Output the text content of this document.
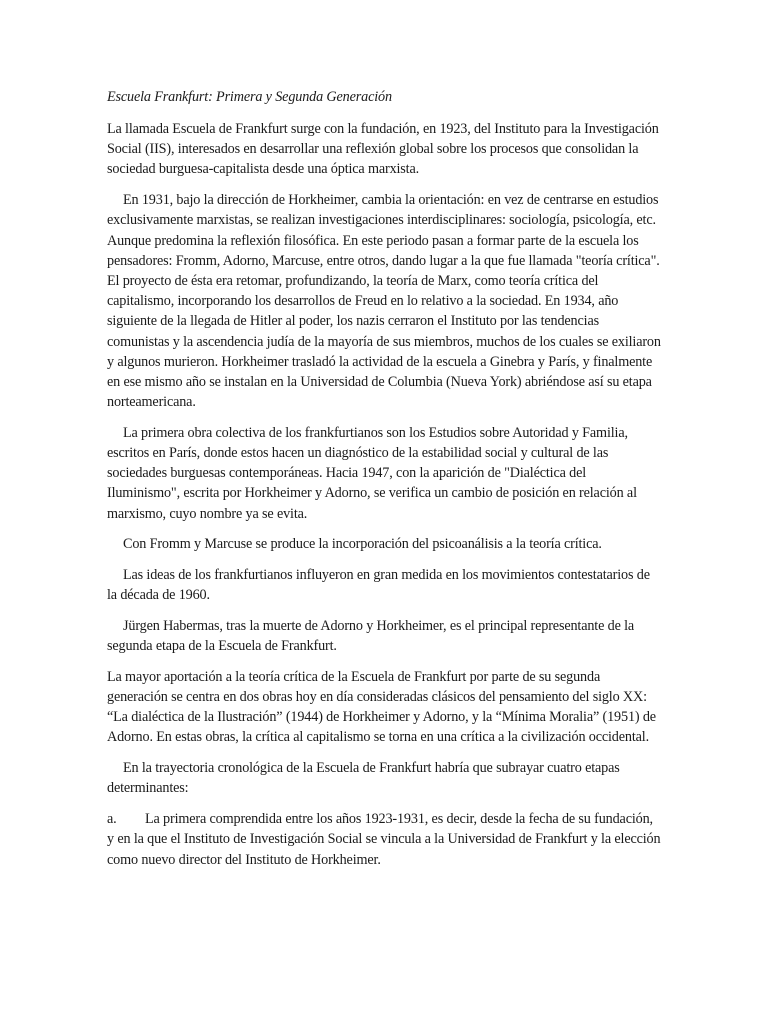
Escuela Frankfurt: Primera y Segunda Generación

La llamada Escuela de Frankfurt surge con la fundación, en 1923, del Instituto para la Investigación Social (IIS), interesados en desarrollar una reflexión global sobre los procesos que consolidan la sociedad burguesa-capitalista desde una óptica marxista.

En 1931, bajo la dirección de Horkheimer, cambia la orientación: en vez de centrarse en estudios exclusivamente marxistas, se realizan investigaciones interdisciplinares: sociología, psicología, etc. Aunque predomina la reflexión filosófica. En este periodo pasan a formar parte de la escuela los pensadores: Fromm, Adorno, Marcuse, entre otros, dando lugar a la que fue llamada "teoría crítica". El proyecto de ésta era retomar, profundizando, la teoría de Marx, como teoría crítica del capitalismo, incorporando los desarrollos de Freud en lo relativo a la sociedad. En 1934, año siguiente de la llegada de Hitler al poder, los nazis cerraron el Instituto por las tendencias comunistas y la ascendencia judía de la mayoría de sus miembros, muchos de los cuales se exiliaron y algunos murieron. Horkheimer trasladó la actividad de la escuela a Ginebra y París, y finalmente en ese mismo año se instalan en la Universidad de Columbia (Nueva York) abriéndose así su etapa norteamericana.

La primera obra colectiva de los frankfurtianos son los Estudios sobre Autoridad y Familia, escritos en París, donde estos hacen un diagnóstico de la estabilidad social y cultural de las sociedades burguesas contemporáneas. Hacia 1947, con la aparición de "Dialéctica del Iluminismo", escrita por Horkheimer y Adorno, se verifica un cambio de posición en relación al marxismo, cuyo nombre ya se evita.

Con Fromm y Marcuse se produce la incorporación del psicoanálisis a la teoría crítica.

Las ideas de los frankfurtianos influyeron en gran medida en los movimientos contestatarios de la década de 1960.

Jürgen Habermas, tras la muerte de Adorno y Horkheimer, es el principal representante de la segunda etapa de la Escuela de Frankfurt.

La mayor aportación a la teoría crítica de la Escuela de Frankfurt por parte de su segunda generación se centra en dos obras hoy en día consideradas clásicos del pensamiento del siglo XX: “La dialéctica de la Ilustración” (1944) de Horkheimer y Adorno, y la “Mínima Moralia” (1951) de Adorno. En estas obras, la crítica al capitalismo se torna en una crítica a la civilización occidental.

En la trayectoria cronológica de la Escuela de Frankfurt habría que subrayar cuatro etapas determinantes:

a. La primera comprendida entre los años 1923-1931, es decir, desde la fecha de su fundación, y en la que el Instituto de Investigación Social se vincula a la Universidad de Frankfurt y la elección como nuevo director del Instituto de Horkheimer.
